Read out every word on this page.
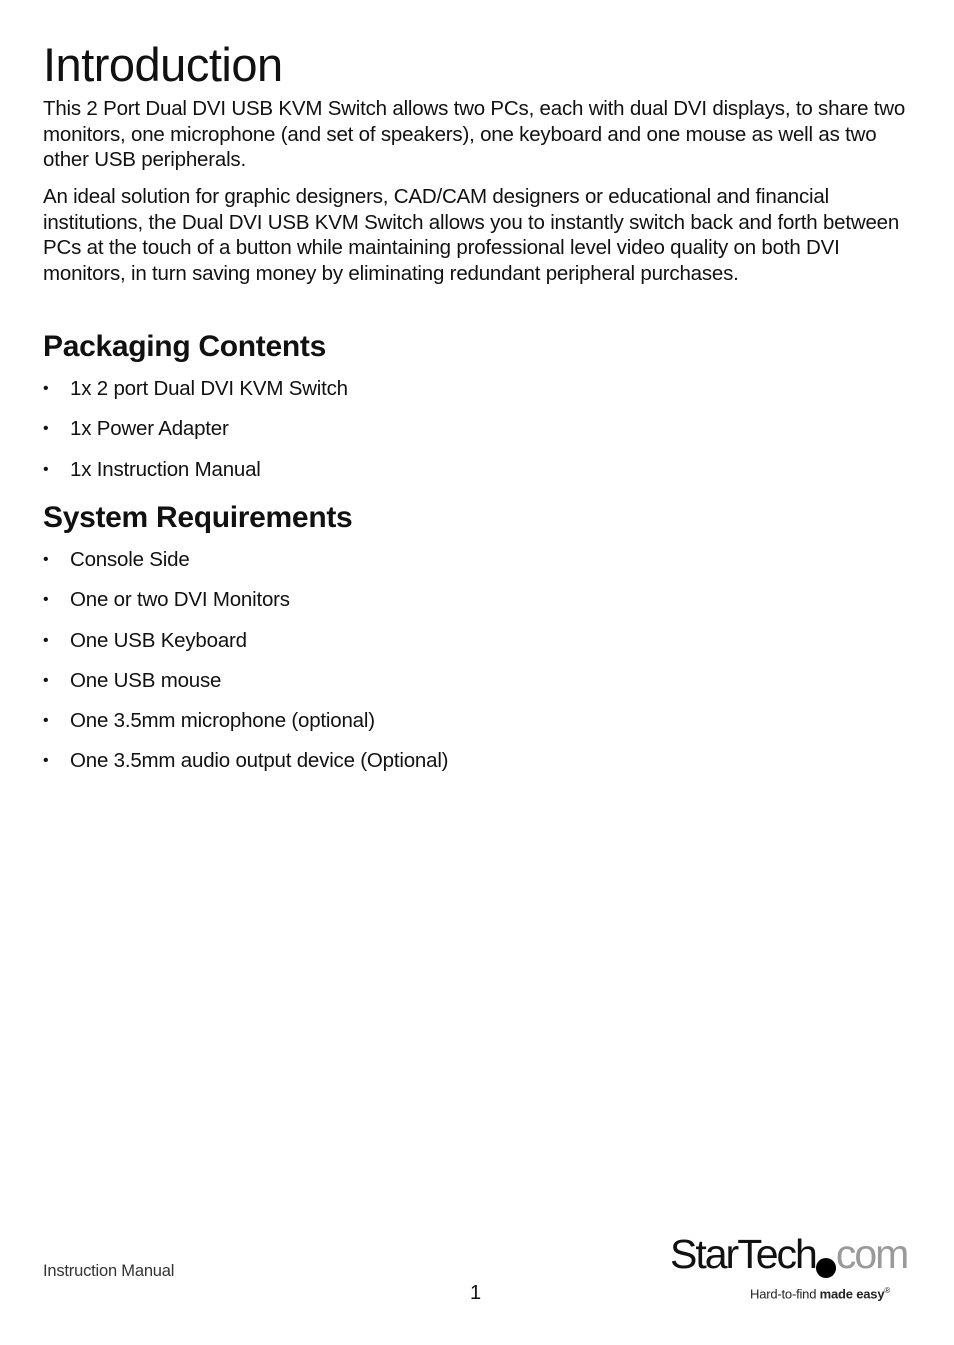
Introduction

This 2 Port Dual DVI USB KVM Switch allows two PCs, each with dual DVI displays, to share two monitors, one microphone (and set of speakers), one keyboard and one mouse as well as two other USB peripherals.

An ideal solution for graphic designers, CAD/CAM designers or educational and financial institutions, the Dual DVI USB KVM Switch allows you to instantly switch back and forth between PCs at the touch of a button while maintaining professional level video quality on both DVI monitors, in turn saving money by eliminating redundant peripheral purchases.

Packaging Contents
• 1x 2 port Dual DVI KVM Switch
• 1x Power Adapter
• 1x Instruction Manual
System Requirements
• Console Side
• One or two DVI Monitors
• One USB Keyboard
• One USB mouse
• One 3.5mm microphone (optional)
• One 3.5mm audio output device (Optional)
Instruction Manual
1
StarTech com
Hard-to-find made easy®
